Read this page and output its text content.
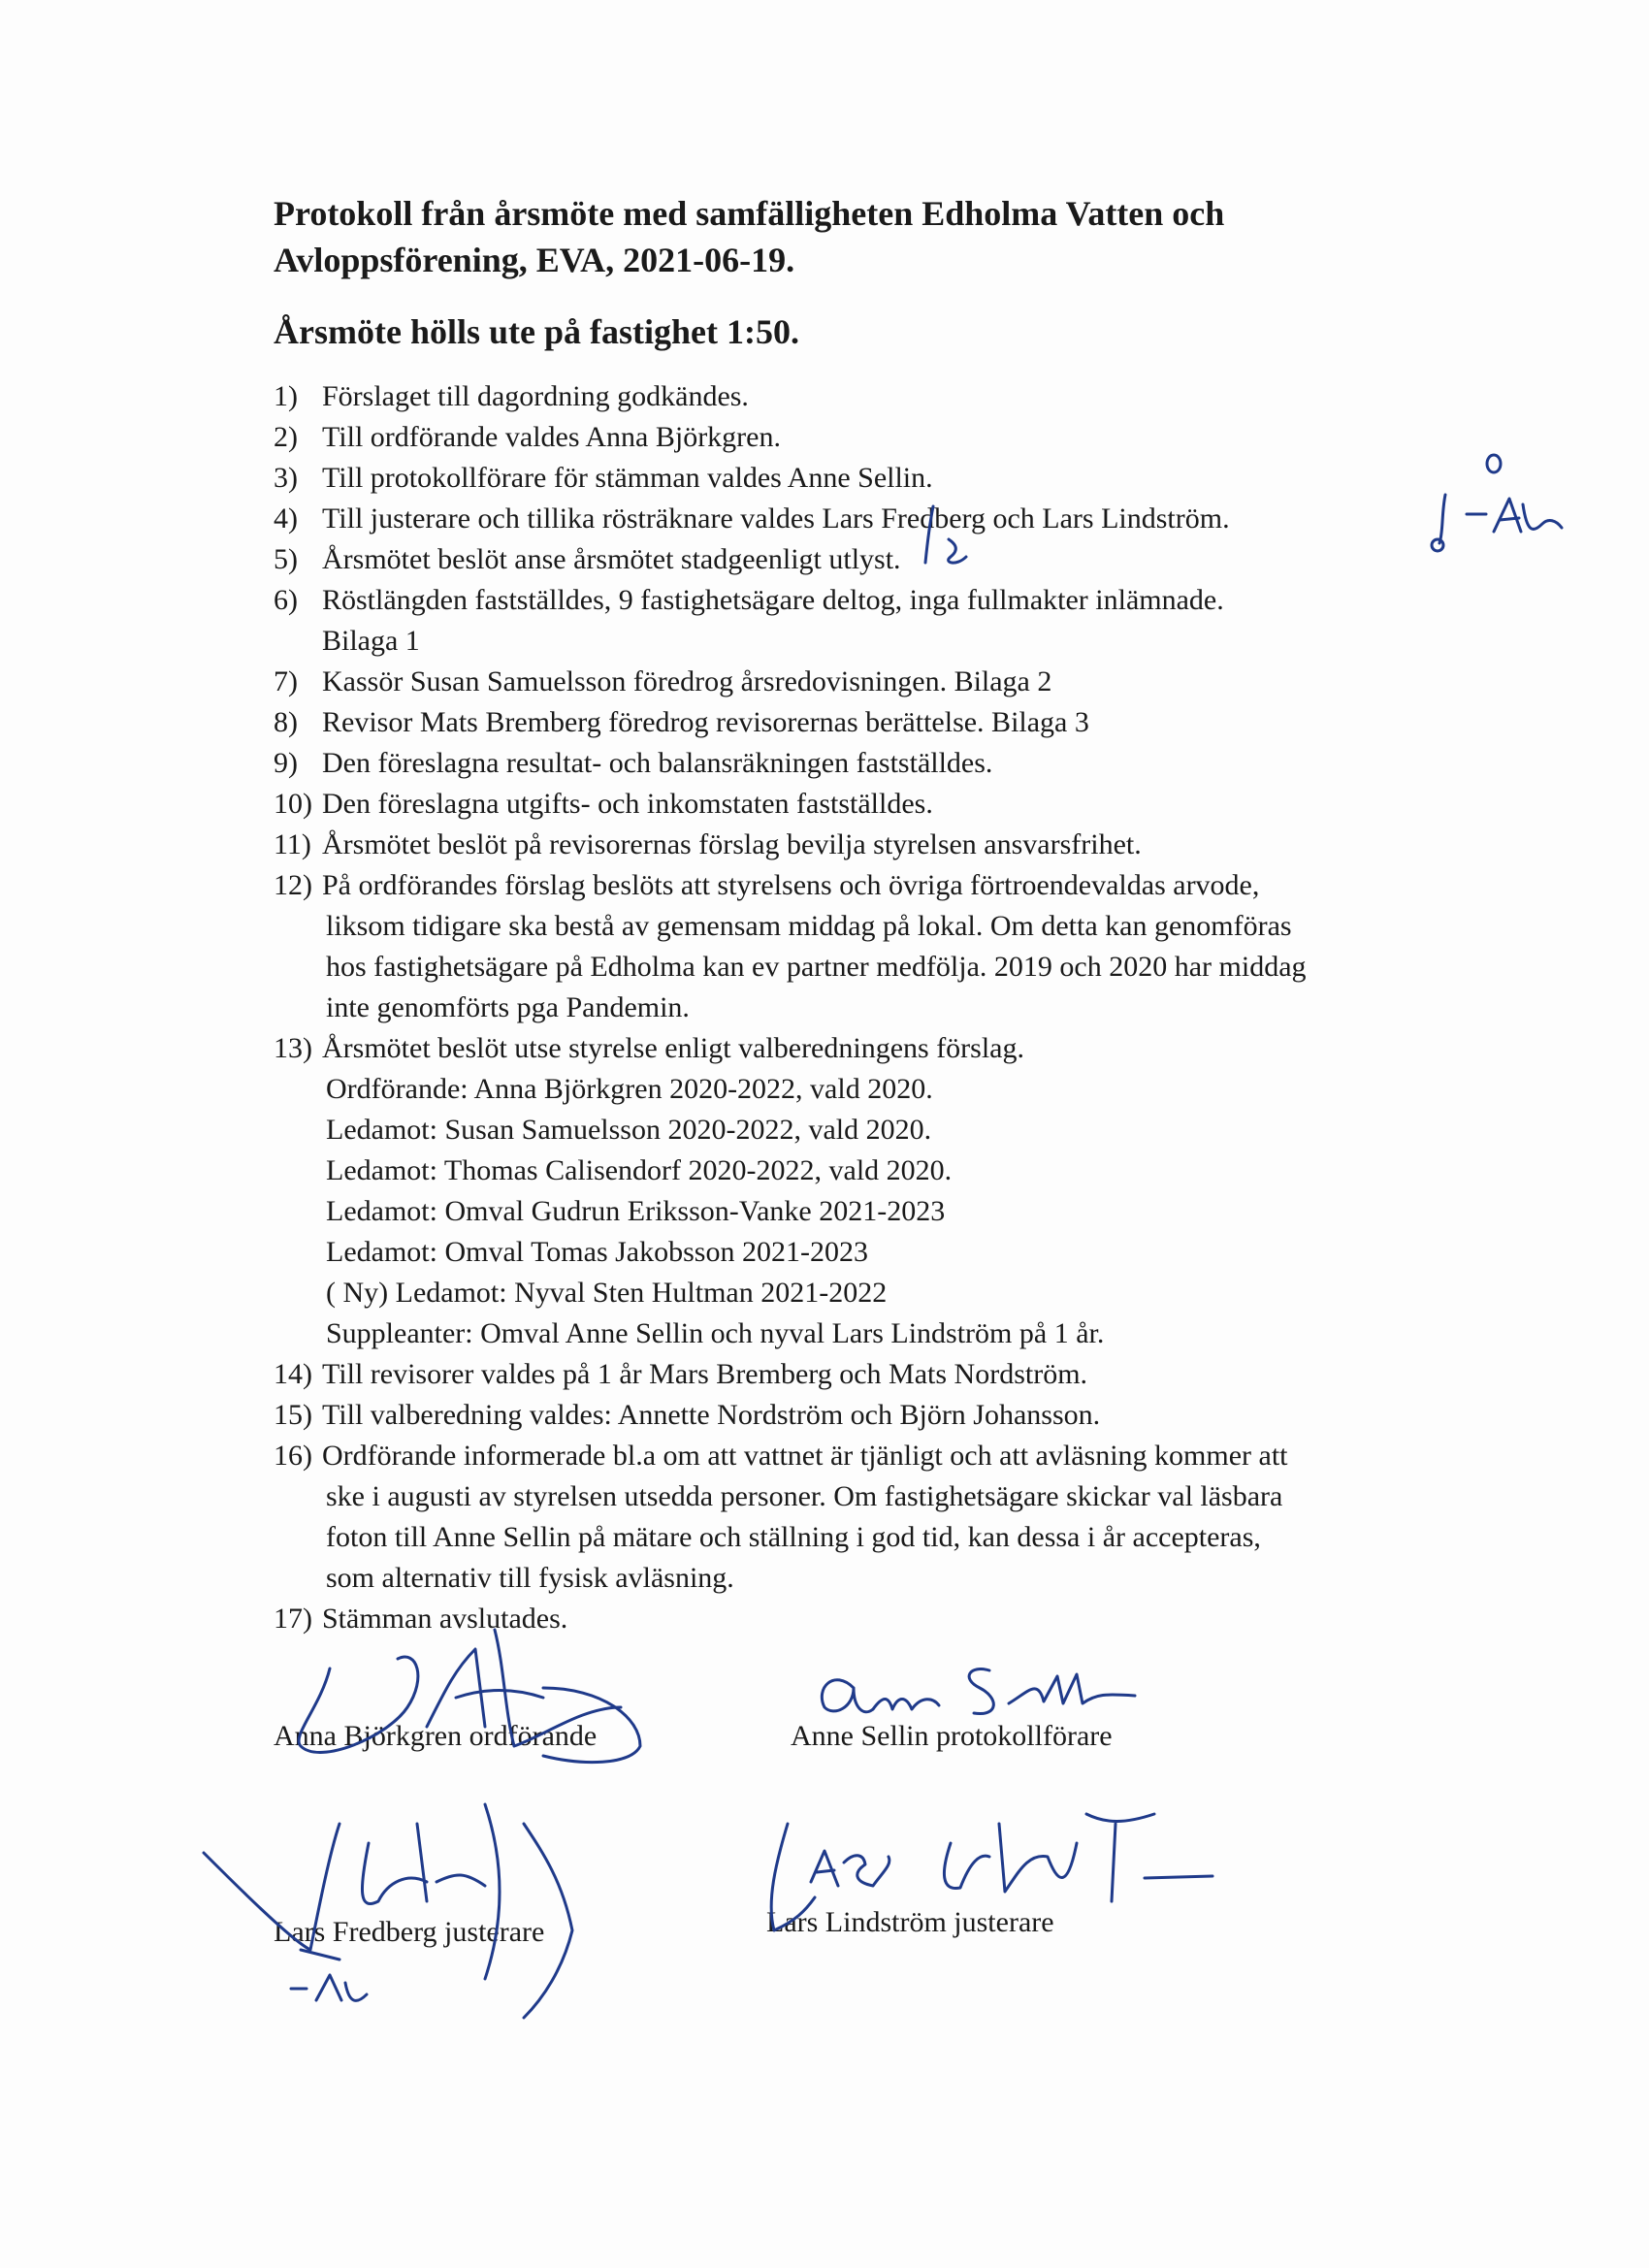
Protokoll från årsmöte med samfälligheten Edholma Vatten och
Avloppsförening, EVA, 2021-06-19.
Årsmöte hölls ute på fastighet 1:50.
1) Förslaget till dagordning godkändes.
2) Till ordförande valdes Anna Björkgren.
3) Till protokollförare för stämman valdes Anne Sellin.
4) Till justerare och tillika rösträknare valdes Lars Fredberg och Lars Lindström.
5) Årsmötet beslöt anse årsmötet stadgeenligt utlyst.
6) Röstlängden fastställdes, 9 fastighetsägare deltog, inga fullmakter inlämnade.
Bilaga 1
7) Kassör Susan Samuelsson föredrog årsredovisningen. Bilaga 2
8) Revisor Mats Bremberg föredrog revisorernas berättelse. Bilaga 3
9) Den föreslagna resultat- och balansräkningen fastställdes.
10) Den föreslagna utgifts- och inkomstaten fastställdes.
11) Årsmötet beslöt på revisorernas förslag bevilja styrelsen ansvarsfrihet.
12) På ordförandes förslag beslöts att styrelsens och övriga förtroendevaldas arvode,
liksom tidigare ska bestå av gemensam middag på lokal. Om detta kan genomföras
hos fastighetsägare på Edholma kan ev partner medfölja. 2019 och 2020 har middag
inte genomförts pga Pandemin.
13) Årsmötet beslöt utse styrelse enligt valberedningens förslag.
Ordförande: Anna Björkgren 2020-2022, vald 2020.
Ledamot: Susan Samuelsson 2020-2022, vald 2020.
Ledamot: Thomas Calisendorf 2020-2022, vald 2020.
Ledamot: Omval Gudrun Eriksson-Vanke 2021-2023
Ledamot: Omval Tomas Jakobsson 2021-2023
( Ny) Ledamot: Nyval Sten Hultman 2021-2022
Suppleanter: Omval Anne Sellin och nyval Lars Lindström på 1 år.
14) Till revisorer valdes på 1 år Mars Bremberg och Mats Nordström.
15) Till valberedning valdes: Annette Nordström och Björn Johansson.
16) Ordförande informerade bl.a om att vattnet är tjänligt och att avläsning kommer att
ske i augusti av styrelsen utsedda personer. Om fastighetsägare skickar val läsbara
foton till Anne Sellin på mätare och ställning i god tid, kan dessa i år accepteras,
som alternativ till fysisk avläsning.
17) Stämman avslutades.
Anna Björkgren ordförande	Anne Sellin protokollförare
Lars Fredberg justerare	Lars Lindström justerare
